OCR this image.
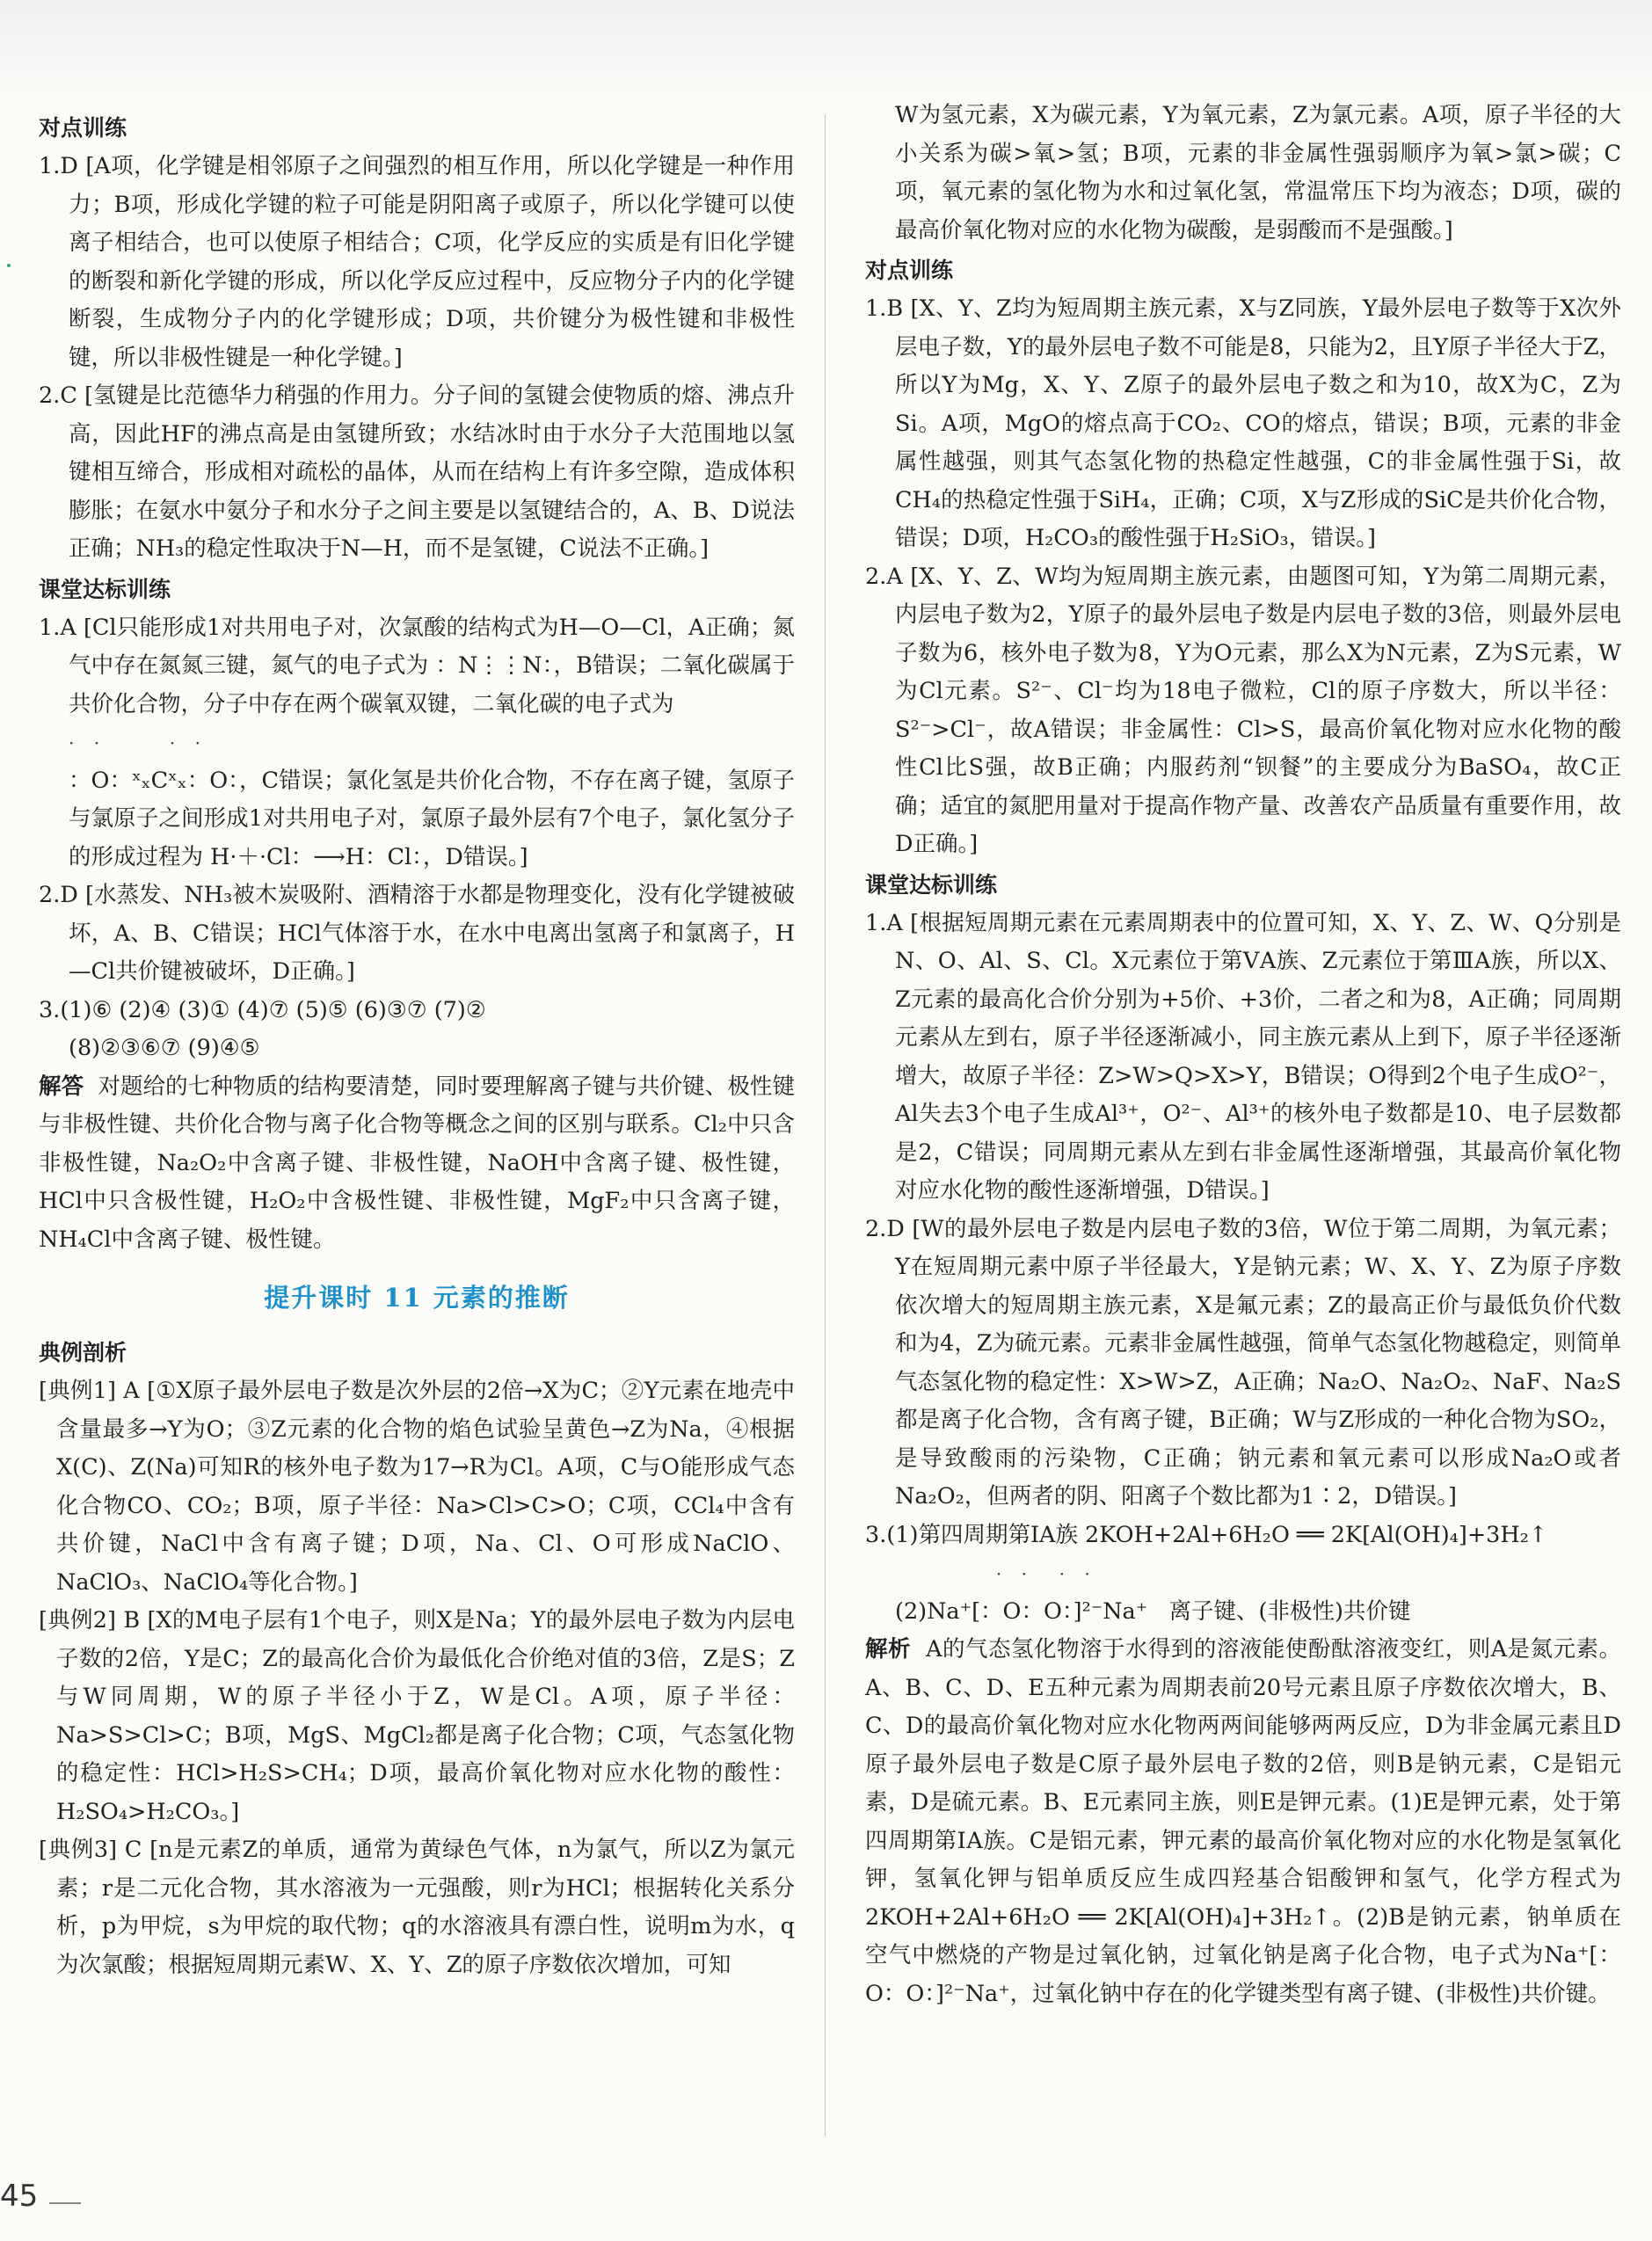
对点训练

1.D [A项，化学键是相邻原子之间强烈的相互作用，所以化学键是一种作用力；B项，形成化学键的粒子可能是阴阳离子或原子，所以化学键可以使离子相结合，也可以使原子相结合；C项，化学反应的实质是有旧化学键的断裂和新化学键的形成，所以化学反应过程中，反应物分子内的化学键断裂，生成物分子内的化学键形成；D项，共价键分为极性键和非极性键，所以非极性键是一种化学键。]

2.C [氢键是比范德华力稍强的作用力。分子间的氢键会使物质的熔、沸点升高，因此HF的沸点高是由氢键所致；水结冰时由于水分子大范围地以氢键相互缔合，形成相对疏松的晶体，从而在结构上有许多空隙，造成体积膨胀；在氨水中氨分子和水分子之间主要是以氢键结合的，A、B、D说法正确；NH₃的稳定性取决于N—H，而不是氢键，C说法不正确。]

课堂达标训练

1.A [Cl只能形成1对共用电子对，次氯酸的结构式为H—O—Cl，A正确；氮气中存在氮氮三键，氮气的电子式为 ：N⋮⋮N：，B错误；二氧化碳属于共价化合物，分子中存在两个碳氧双键，二氧化碳的电子式为
· ·     · ·
：O：ˣₓCˣₓ：O：，C错误；氯化氢是共价化合物，不存在离子键，氢原子与氯原子之间形成1对共用电子对，氯原子最外层有7个电子，氯化氢分子的形成过程为 H·＋·Cl：⟶H：Cl：，D错误。]

2.D [水蒸发、NH₃被木炭吸附、酒精溶于水都是物理变化，没有化学键被破坏，A、B、C错误；HCl气体溶于水，在水中电离出氢离子和氯离子，H—Cl共价键被破坏，D正确。]

3.(1)⑥ (2)④ (3)① (4)⑦ (5)⑤ (6)③⑦ (7)②
(8)②③⑥⑦ (9)④⑤

解答 对题给的七种物质的结构要清楚，同时要理解离子键与共价键、极性键与非极性键、共价化合物与离子化合物等概念之间的区别与联系。Cl₂中只含非极性键，Na₂O₂中含离子键、非极性键，NaOH中含离子键、极性键，HCl中只含极性键，H₂O₂中含极性键、非极性键，MgF₂中只含离子键，NH₄Cl中含离子键、极性键。

提升课时 11 元素的推断
典例剖析

[典例1] A [①X原子最外层电子数是次外层的2倍→X为C；②Y元素在地壳中含量最多→Y为O；③Z元素的化合物的焰色试验呈黄色→Z为Na，④根据X(C)、Z(Na)可知R的核外电子数为17→R为Cl。A项，C与O能形成气态化合物CO、CO₂；B项，原子半径：Na>Cl>C>O；C项，CCl₄中含有共价键，NaCl中含有离子键；D项，Na、Cl、O可形成NaClO、NaClO₃、NaClO₄等化合物。]

[典例2] B [X的M电子层有1个电子，则X是Na；Y的最外层电子数为内层电子数的2倍，Y是C；Z的最高化合价为最低化合价绝对值的3倍，Z是S；Z与W同周期，W的原子半径小于Z，W是Cl。A项，原子半径：Na>S>Cl>C；B项，MgS、MgCl₂都是离子化合物；C项，气态氢化物的稳定性：HCl>H₂S>CH₄；D项，最高价氧化物对应水化物的酸性：H₂SO₄>H₂CO₃。]

[典例3] C [n是元素Z的单质，通常为黄绿色气体，n为氯气，所以Z为氯元素；r是二元化合物，其水溶液为一元强酸，则r为HCl；根据转化关系分析，p为甲烷，s为甲烷的取代物；q的水溶液具有漂白性，说明m为水，q为次氯酸；根据短周期元素W、X、Y、Z的原子序数依次增加，可知

W为氢元素，X为碳元素，Y为氧元素，Z为氯元素。A项，原子半径的大小关系为碳>氧>氢；B项，元素的非金属性强弱顺序为氧>氯>碳；C项，氧元素的氢化物为水和过氧化氢，常温常压下均为液态；D项，碳的最高价氧化物对应的水化物为碳酸，是弱酸而不是强酸。]

对点训练

1.B [X、Y、Z均为短周期主族元素，X与Z同族，Y最外层电子数等于X次外层电子数，Y的最外层电子数不可能是8，只能为2，且Y原子半径大于Z，所以Y为Mg，X、Y、Z原子的最外层电子数之和为10，故X为C，Z为Si。A项，MgO的熔点高于CO₂、CO的熔点，错误；B项，元素的非金属性越强，则其气态氢化物的热稳定性越强，C的非金属性强于Si，故CH₄的热稳定性强于SiH₄，正确；C项，X与Z形成的SiC是共价化合物，错误；D项，H₂CO₃的酸性强于H₂SiO₃，错误。]

2.A [X、Y、Z、W均为短周期主族元素，由题图可知，Y为第二周期元素，内层电子数为2，Y原子的最外层电子数是内层电子数的3倍，则最外层电子数为6，核外电子数为8，Y为O元素，那么X为N元素，Z为S元素，W为Cl元素。S²⁻、Cl⁻均为18电子微粒，Cl的原子序数大，所以半径：S²⁻>Cl⁻，故A错误；非金属性：Cl>S，最高价氧化物对应水化物的酸性Cl比S强，故B正确；内服药剂“钡餐”的主要成分为BaSO₄，故C正确；适宜的氮肥用量对于提高作物产量、改善农产品质量有重要作用，故D正确。]

课堂达标训练

1.A [根据短周期元素在元素周期表中的位置可知，X、Y、Z、W、Q分别是N、O、Al、S、Cl。X元素位于第ⅤA族、Z元素位于第ⅢA族，所以X、Z元素的最高化合价分别为+5价、+3价，二者之和为8，A正确；同周期元素从左到右，原子半径逐渐减小，同主族元素从上到下，原子半径逐渐增大，故原子半径：Z>W>Q>X>Y，B错误；O得到2个电子生成O²⁻，Al失去3个电子生成Al³⁺，O²⁻、Al³⁺的核外电子数都是10、电子层数都是2，C错误；同周期元素从左到右非金属性逐渐增强，其最高价氧化物对应水化物的酸性逐渐增强，D错误。]

2.D [W的最外层电子数是内层电子数的3倍，W位于第二周期，为氧元素；Y在短周期元素中原子半径最大，Y是钠元素；W、X、Y、Z为原子序数依次增大的短周期主族元素，X是氟元素；Z的最高正价与最低负价代数和为4，Z为硫元素。元素非金属性越强，简单气态氢化物越稳定，则简单气态氢化物的稳定性：X>W>Z，A正确；Na₂O、Na₂O₂、NaF、Na₂S都是离子化合物，含有离子键，B正确；W与Z形成的一种化合物为SO₂，是导致酸雨的污染物，C正确；钠元素和氧元素可以形成Na₂O或者Na₂O₂，但两者的阴、阳离子个数比都为1∶2，D错误。]

3.(1)第四周期第ⅠA族 2KOH+2Al+6H₂O ══ 2K[Al(OH)₄]+3H₂↑
· ·  · ·
(2)Na⁺[：O：O：]²⁻Na⁺ 离子键、(非极性)共价键

解析 A的气态氢化物溶于水得到的溶液能使酚酞溶液变红，则A是氮元素。A、B、C、D、E五种元素为周期表前20号元素且原子序数依次增大，B、C、D的最高价氧化物对应水化物两两间能够两两反应，D为非金属元素且D原子最外层电子数是C原子最外层电子数的2倍，则B是钠元素，C是铝元素，D是硫元素。B、E元素同主族，则E是钾元素。(1)E是钾元素，处于第四周期第ⅠA族。C是铝元素，钾元素的最高价氧化物对应的水化物是氢氧化钾，氢氧化钾与铝单质反应生成四羟基合铝酸钾和氢气，化学方程式为2KOH+2Al+6H₂O ══ 2K[Al(OH)₄]+3H₂↑。(2)B是钠元素，钠单质在空气中燃烧的产物是过氧化钠，过氧化钠是离子化合物，电子式为Na⁺[：O：O：]²⁻Na⁺，过氧化钠中存在的化学键类型有离子键、(非极性)共价键。

45
